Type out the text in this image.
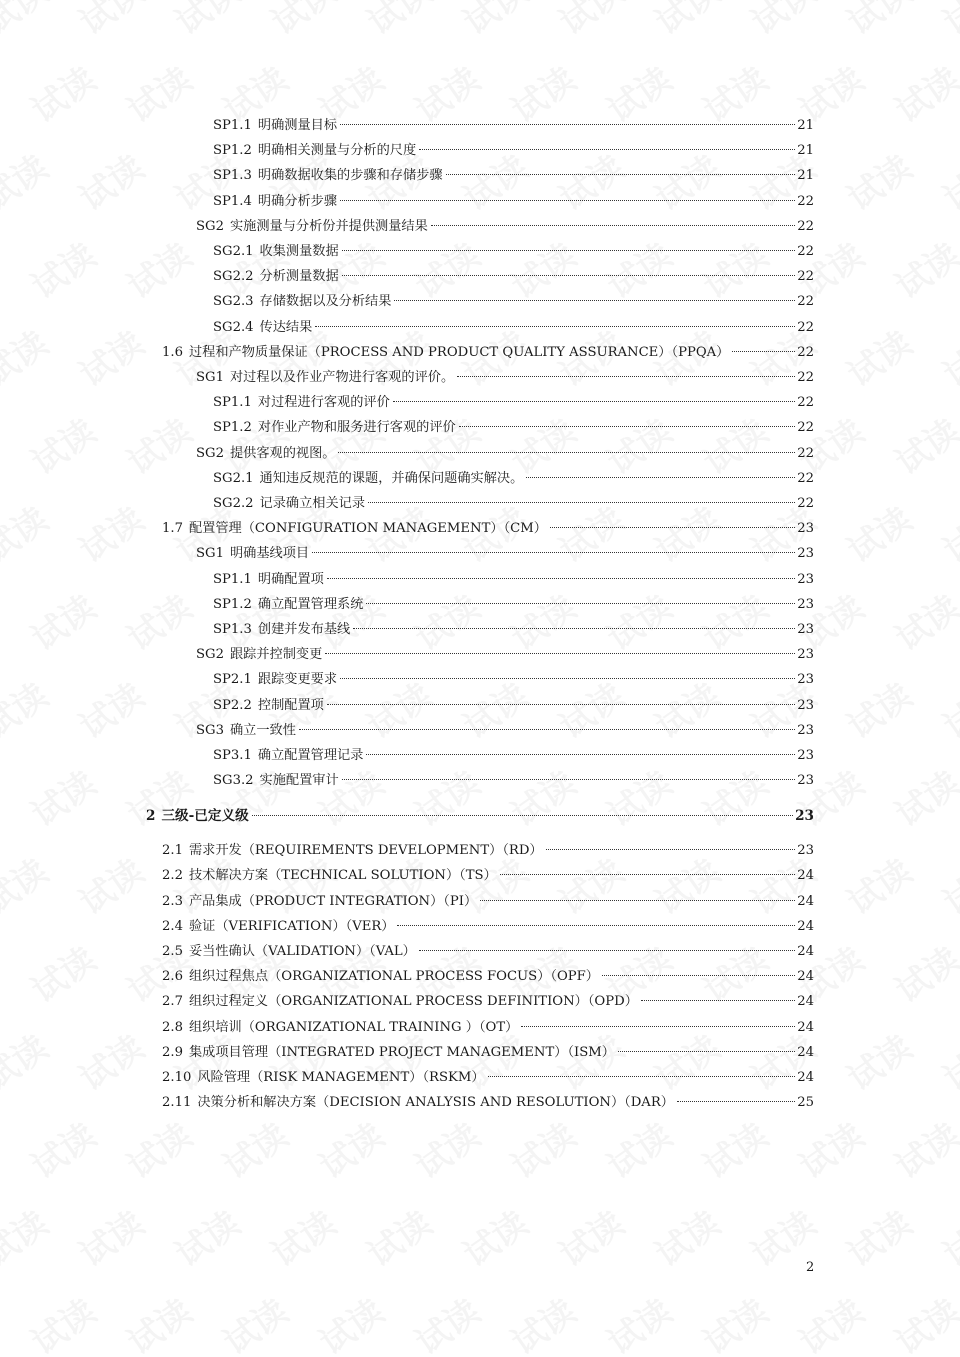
SP1.1 明确测量目标	21
SP1.2 明确相关测量与分析的尺度	21
SP1.3 明确数据收集的步骤和存储步骤	21
SP1.4 明确分析步骤	22
SG2 实施测量与分析份并提供测量结果	22
SG2.1 收集测量数据	22
SG2.2 分析测量数据	22
SG2.3 存储数据以及分析结果	22
SG2.4 传达结果	22
1.6 过程和产物质量保证（PROCESS AND PRODUCT QUALITY ASSURANCE）（PPQA）	22
SG1 对过程以及作业产物进行客观的评价。	22
SP1.1 对过程进行客观的评价	22
SP1.2 对作业产物和服务进行客观的评价	22
SG2 提供客观的视图。	22
SG2.1 通知违反规范的课题，并确保问题确实解决。	22
SG2.2 记录确立相关记录	22
1.7 配置管理（CONFIGURATION MANAGEMENT）（CM）	23
SG1 明确基线项目	23
SP1.1 明确配置项	23
SP1.2 确立配置管理系统	23
SP1.3 创建并发布基线	23
SG2 跟踪并控制变更	23
SP2.1 跟踪变更要求	23
SP2.2 控制配置项	23
SG3 确立一致性	23
SP3.1 确立配置管理记录	23
SG3.2 实施配置审计	23
2 三级-已定义级	23
2.1 需求开发（REQUIREMENTS DEVELOPMENT）（RD）	23
2.2 技术解决方案（TECHNICAL SOLUTION）（TS）	24
2.3 产品集成（PRODUCT INTEGRATION）（PI）	24
2.4 验证（VERIFICATION）（VER）	24
2.5 妥当性确认（VALIDATION）（VAL）	24
2.6 组织过程焦点（ORGANIZATIONAL PROCESS FOCUS）（OPF）	24
2.7 组织过程定义（ORGANIZATIONAL PROCESS DEFINITION）（OPD）	24
2.8 组织培训（ORGANIZATIONAL TRAINING ）（OT）	24
2.9 集成项目管理（INTEGRATED PROJECT MANAGEMENT）（ISM）	24
2.10 风险管理（RISK MANAGEMENT）（RSKM）	24
2.11 决策分析和解决方案（DECISION ANALYSIS AND RESOLUTION）（DAR）	25
2
